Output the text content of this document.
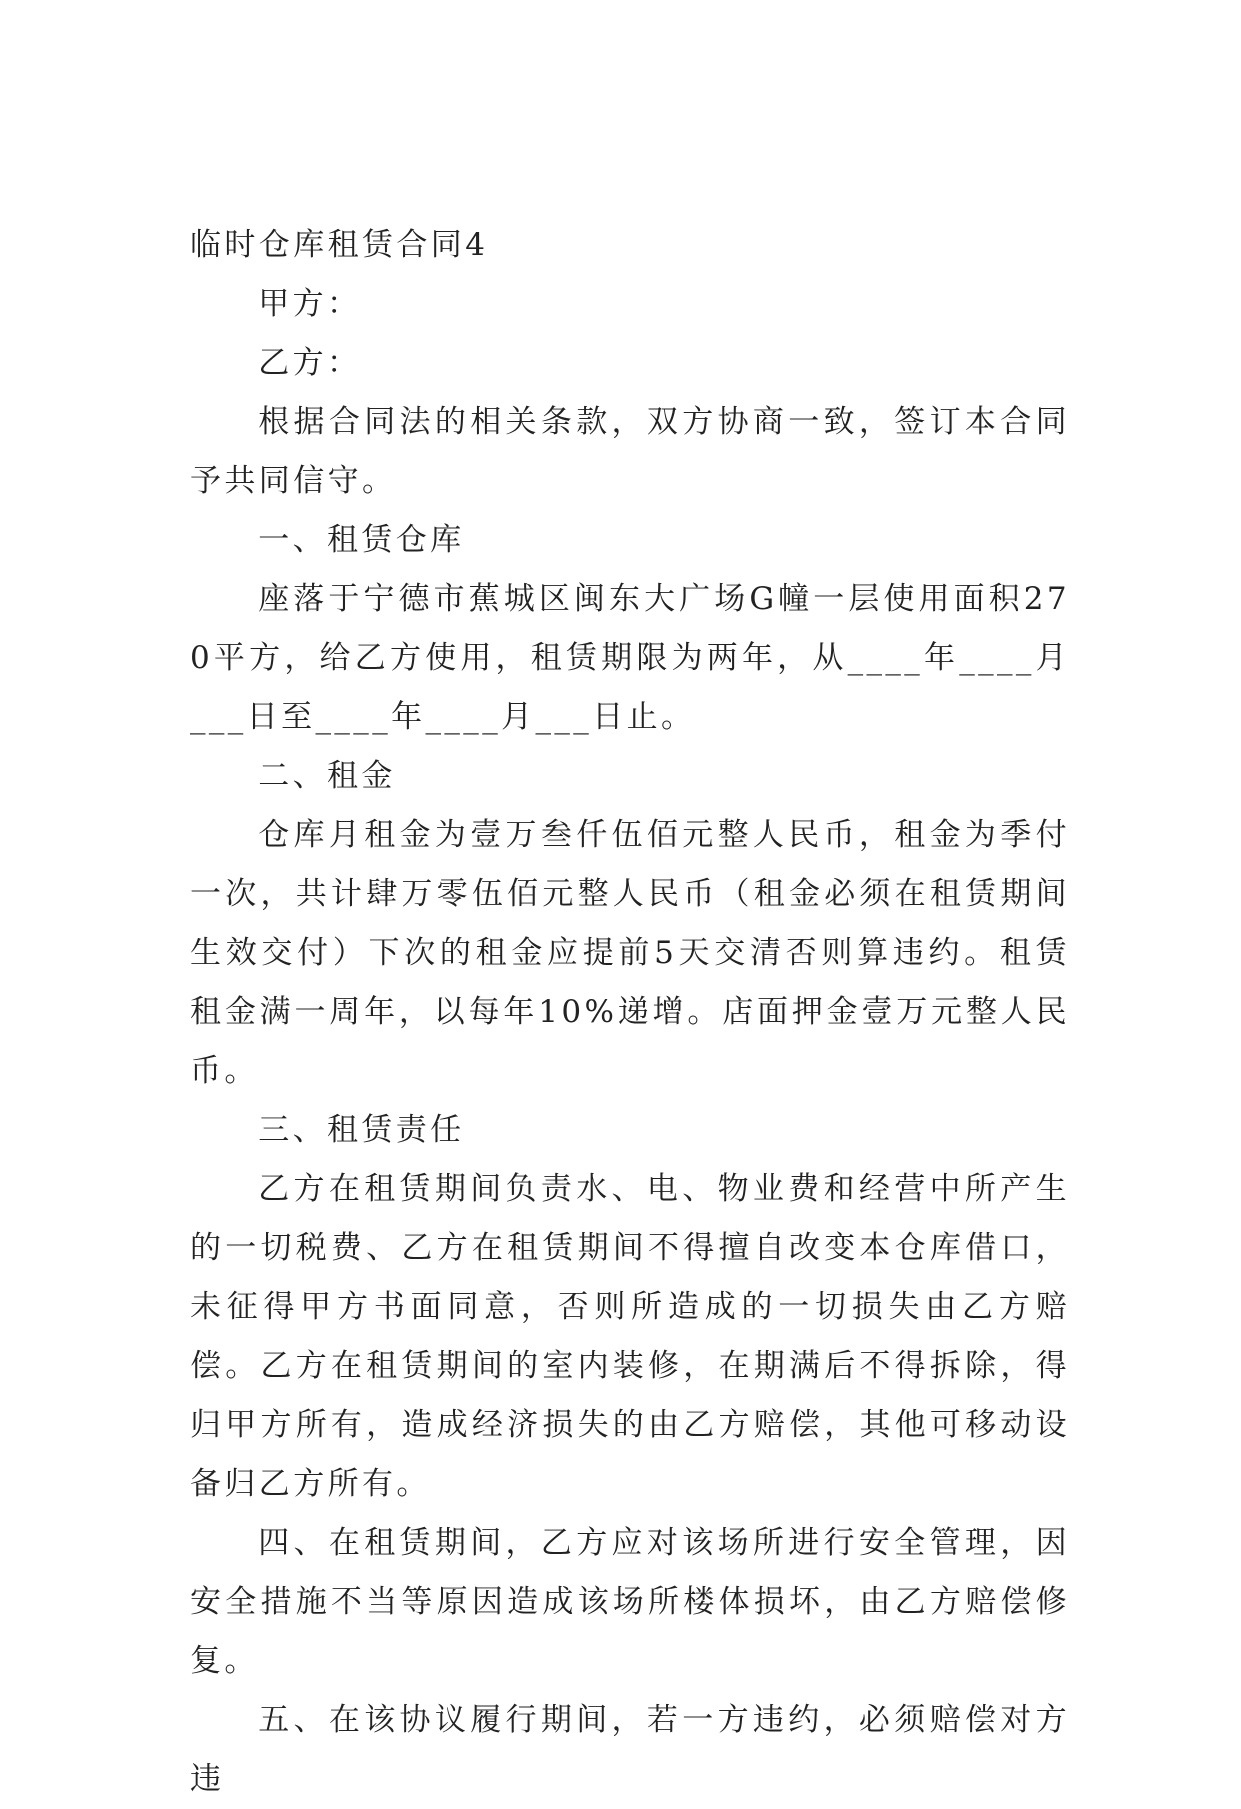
临时仓库租赁合同4

甲方：

乙方：

根据合同法的相关条款，双方协商一致，签订本合同予共同信守。

一、租赁仓库

座落于宁德市蕉城区闽东大广场G幢一层使用面积270平方，给乙方使用，租赁期限为两年，从____年____月___日至____年____月___日止。

二、租金

仓库月租金为壹万叁仟伍佰元整人民币，租金为季付一次，共计肆万零伍佰元整人民币（租金必须在租赁期间生效交付）下次的租金应提前5天交清否则算违约。租赁租金满一周年，以每年10%递增。店面押金壹万元整人民币。

三、租赁责任

乙方在租赁期间负责水、电、物业费和经营中所产生的一切税费、乙方在租赁期间不得擅自改变本仓库借口，未征得甲方书面同意，否则所造成的一切损失由乙方赔偿。乙方在租赁期间的室内装修，在期满后不得拆除，得归甲方所有，造成经济损失的由乙方赔偿，其他可移动设备归乙方所有。

四、在租赁期间，乙方应对该场所进行安全管理，因安全措施不当等原因造成该场所楼体损坏，由乙方赔偿修复。

五、在该协议履行期间，若一方违约，必须赔偿对方违
